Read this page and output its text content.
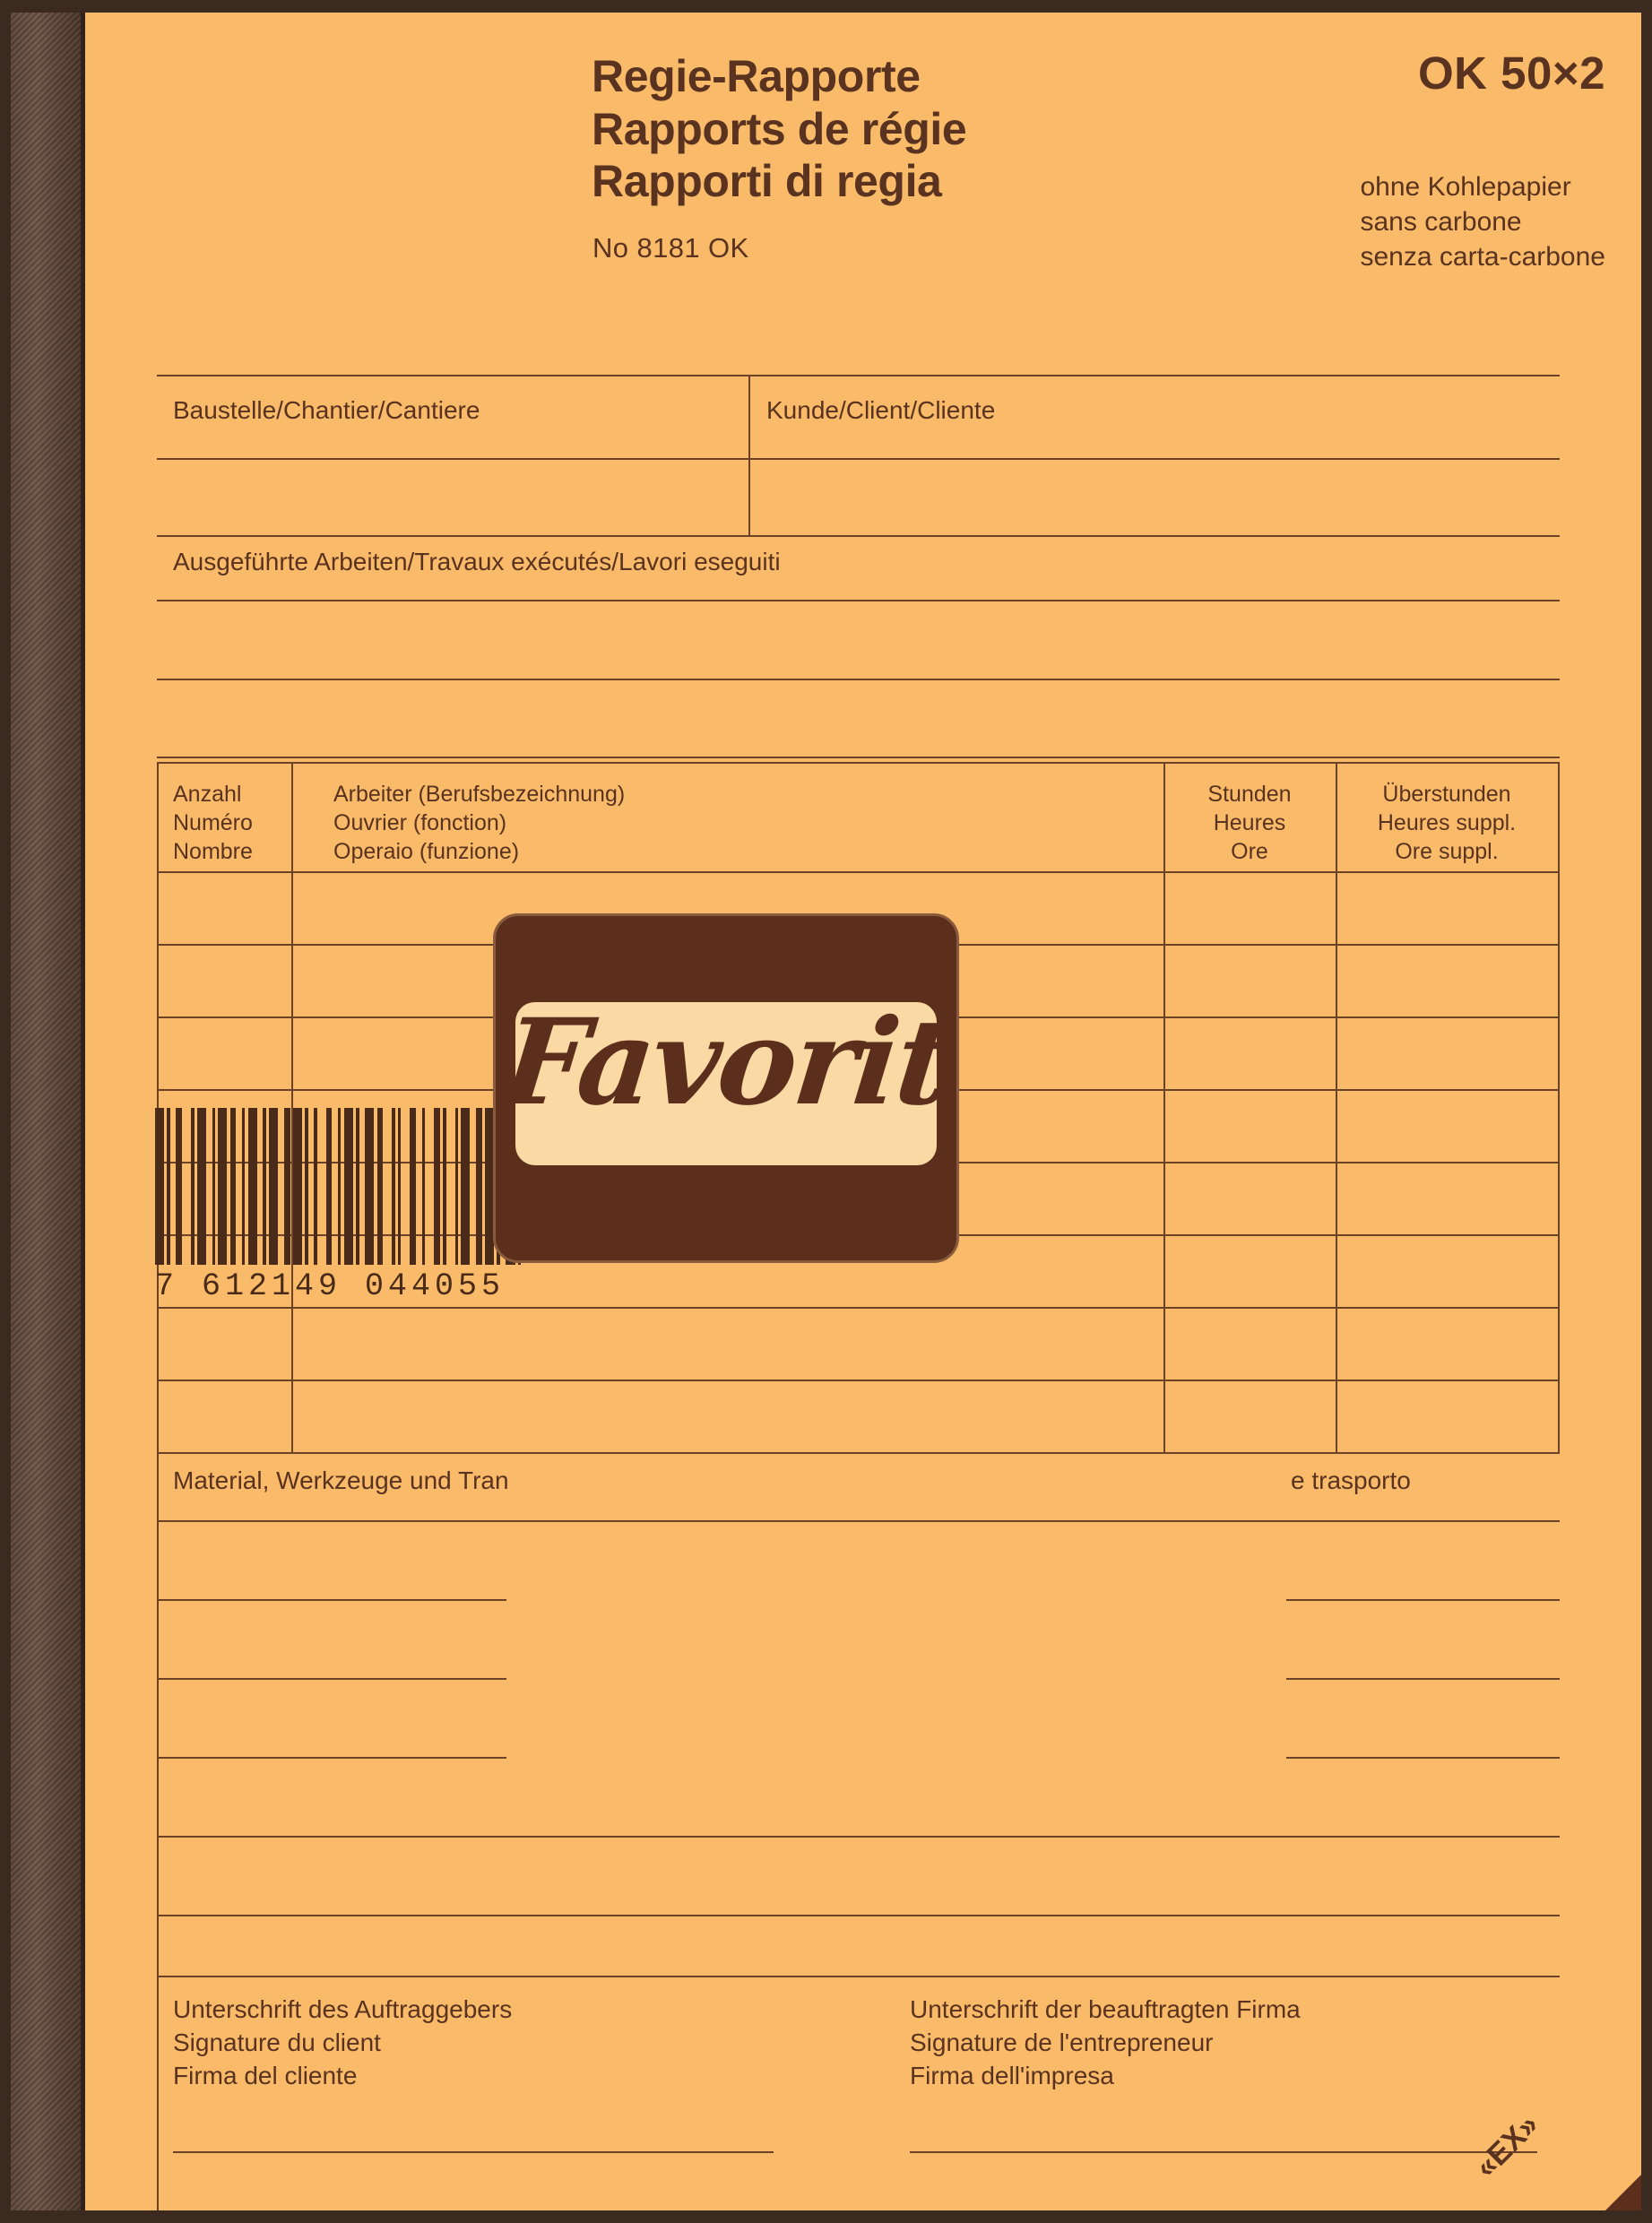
Regie-Rapporte
Rapports de régie
Rapporti di regia
No 8181 OK
OK 50×2
ohne Kohlepapier
sans carbone
senza carta-carbone
Baustelle/Chantier/Cantiere	Kunde/Client/Cliente
Ausgeführte Arbeiten/Travaux exécutés/Lavori eseguiti
Anzahl
Numéro
Nombre
Arbeiter (Berufsbezeichnung)
Ouvrier (fonction)
Operaio (funzione)
Stunden
Heures
Ore
Überstunden
Heures suppl.
Ore suppl.
Material, Werkzeuge und Tran	e trasporto
7 612149 044055
Favorit
Unterschrift des Auftraggebers
Signature du client
Firma del cliente
Unterschrift der beauftragten Firma
Signature de l'entrepreneur
Firma dell'impresa
«EX»
